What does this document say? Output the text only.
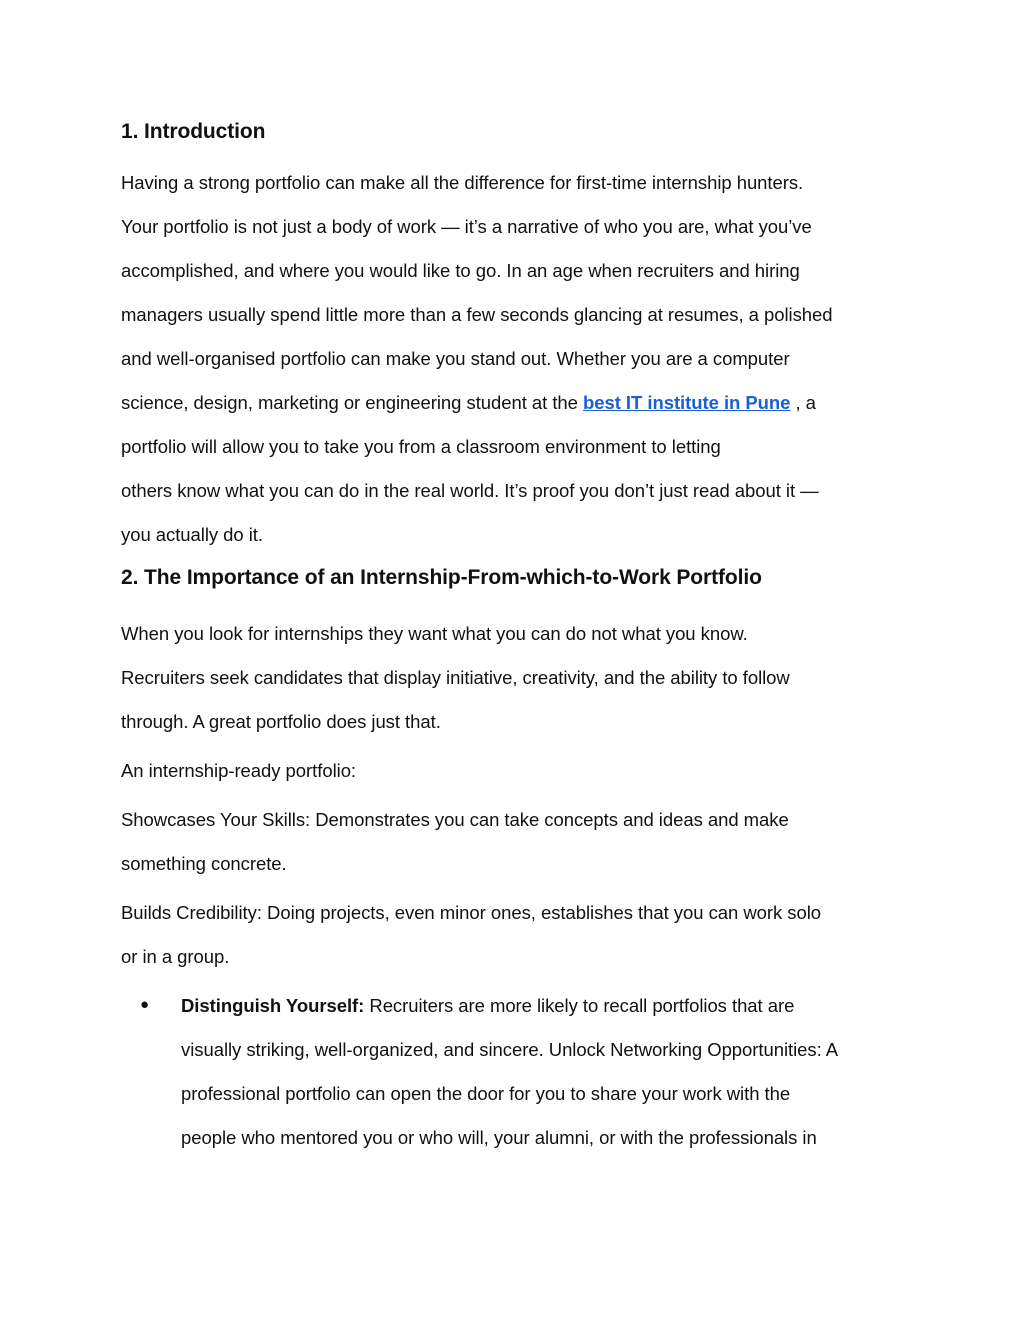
1. Introduction
Having a strong portfolio can make all the difference for first-time internship hunters.
Your portfolio is not just a body of work — it’s a narrative of who you are, what you’ve
accomplished, and where you would like to go. In an age when recruiters and hiring
managers usually spend little more than a few seconds glancing at resumes, a polished
and well-organised portfolio can make you stand out. Whether you are a computer
science, design, marketing or engineering student at the best IT institute in Pune , a
portfolio will allow you to take you from a classroom environment to letting
others know what you can do in the real world. It’s proof you don’t just read about it —
you actually do it.
2. The Importance of an Internship-From-which-to-Work Portfolio
When you look for internships they want what you can do not what you know.
Recruiters seek candidates that display initiative, creativity, and the ability to follow
through. A great portfolio does just that.
An internship-ready portfolio:
Showcases Your Skills: Demonstrates you can take concepts and ideas and make
something concrete.
Builds Credibility: Doing projects, even minor ones, establishes that you can work solo
or in a group.
● Distinguish Yourself: Recruiters are more likely to recall portfolios that are
visually striking, well-organized, and sincere. Unlock Networking Opportunities: A
professional portfolio can open the door for you to share your work with the
people who mentored you or who will, your alumni, or with the professionals in
